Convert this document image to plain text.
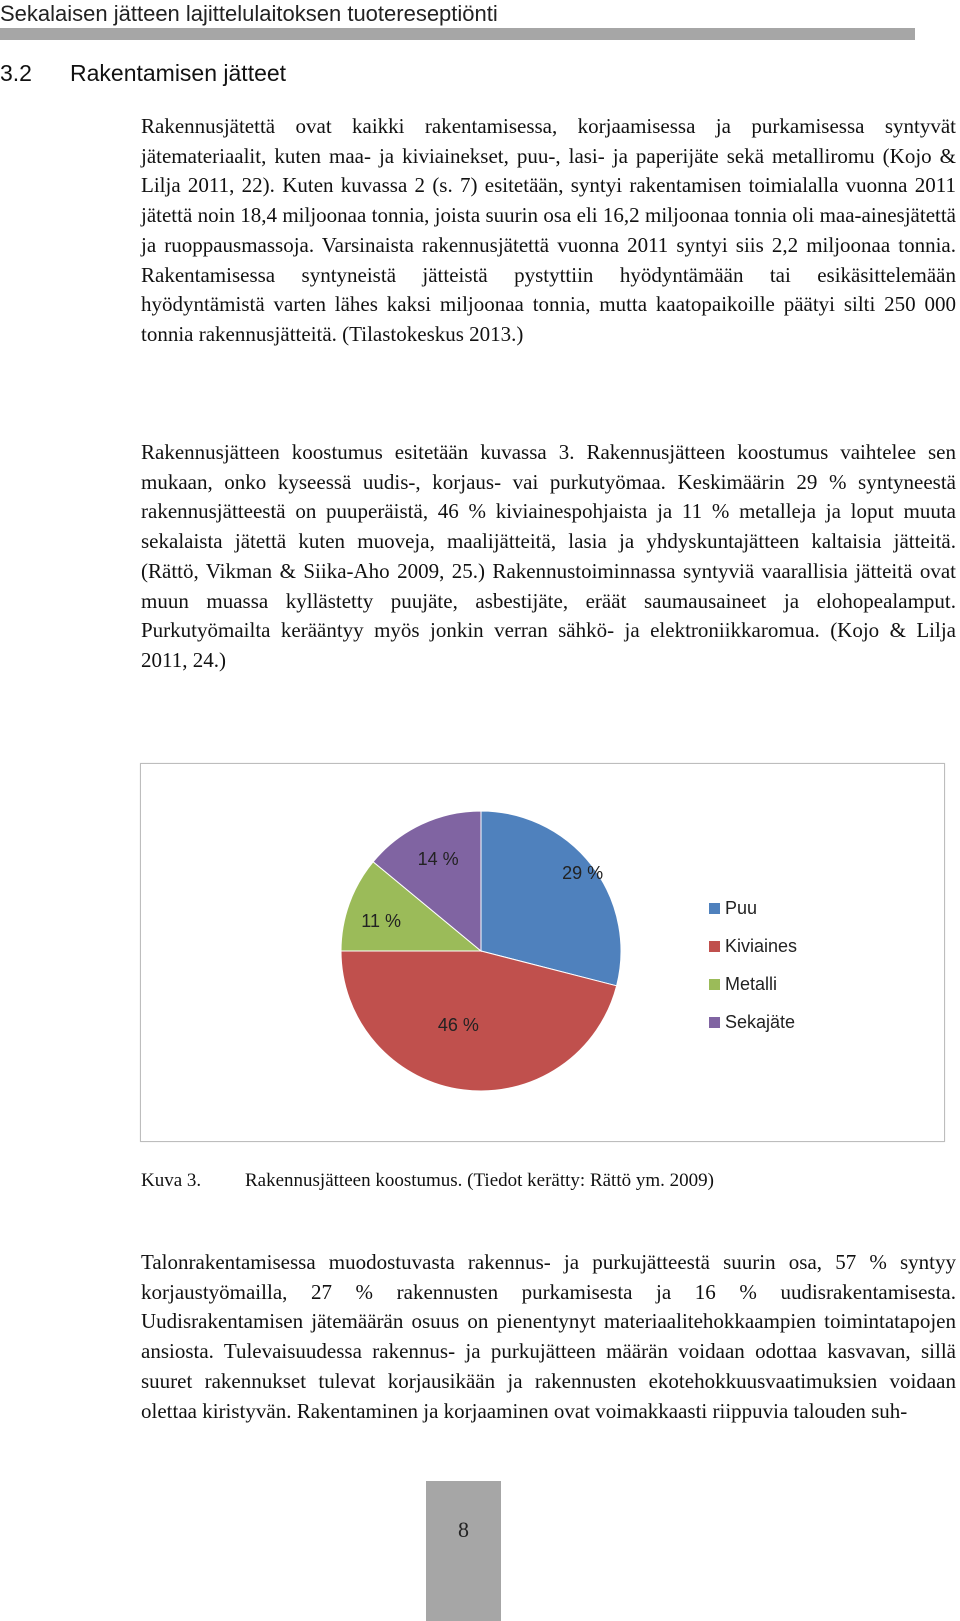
Sekalaisen jätteen lajittelulaitoksen tuotereseptiönti
3.2 Rakentamisen jätteet

Rakennusjätettä ovat kaikki rakentamisessa, korjaamisessa ja purkamisessa syntyvät jätemateriaalit, kuten maa- ja kiviainekset, puu-, lasi- ja paperijäte sekä metalliromu (Kojo & Lilja 2011, 22). Kuten kuvassa 2 (s. 7) esitetään, syntyi rakentamisen toimialalla vuonna 2011 jätettä noin 18,4 miljoonaa tonnia, joista suurin osa eli 16,2 miljoonaa tonnia oli maa-ainesjätettä ja ruoppausmassoja. Varsinaista rakennusjätettä vuonna 2011 syntyi siis 2,2 miljoonaa tonnia. Rakentamisessa syntyneistä jätteistä pystyttiin hyödyntämään tai esikäsittelemään hyödyntämistä varten lähes kaksi miljoonaa tonnia, mutta kaatopaikoille päätyi silti 250 000 tonnia rakennusjätteitä. (Tilastokeskus 2013.)

Rakennusjätteen koostumus esitetään kuvassa 3. Rakennusjätteen koostumus vaihtelee sen mukaan, onko kyseessä uudis-, korjaus- vai purkutyömaa. Keskimäärin 29 % syntyneestä rakennusjätteestä on puuperäistä, 46 % kiviainespohjaista ja 11 % metalleja ja loput muuta sekalaista jätettä kuten muoveja, maalijätteitä, lasia ja yhdyskuntajätteen kaltaisia jätteitä. (Rättö, Vikman & Siika-Aho 2009, 25.) Rakennustoiminnassa syntyviä vaarallisia jätteitä ovat muun muassa kyllästetty puujäte, asbestijäte, eräät saumausaineet ja elohopealamput. Purkutyömailta kerääntyy myös jonkin verran sähkö- ja elektroniikkaromua. (Kojo & Lilja 2011, 24.)

29 %
46 %
11 %
14 %
Puu
Kiviaines
Metalli
Sekajäte
Kuva 3. Rakennusjätteen koostumus. (Tiedot kerätty: Rättö ym. 2009)

Talonrakentamisessa muodostuvasta rakennus- ja purkujätteestä suurin osa, 57 % syntyy korjaustyömailla, 27 % rakennusten purkamisesta ja 16 % uudisrakentamisesta. Uudisrakentamisen jätemäärän osuus on pienentynyt materiaalitehokkaampien toimintatapojen ansiosta. Tulevaisuudessa rakennus- ja purkujätteen määrän voidaan odottaa kasvavan, sillä suuret rakennukset tulevat korjausikään ja rakennusten ekotehokkuusvaatimuksien voidaan olettaa kiristyvän. Rakentaminen ja korjaaminen ovat voimakkaasti riippuvia talouden suh-

8
